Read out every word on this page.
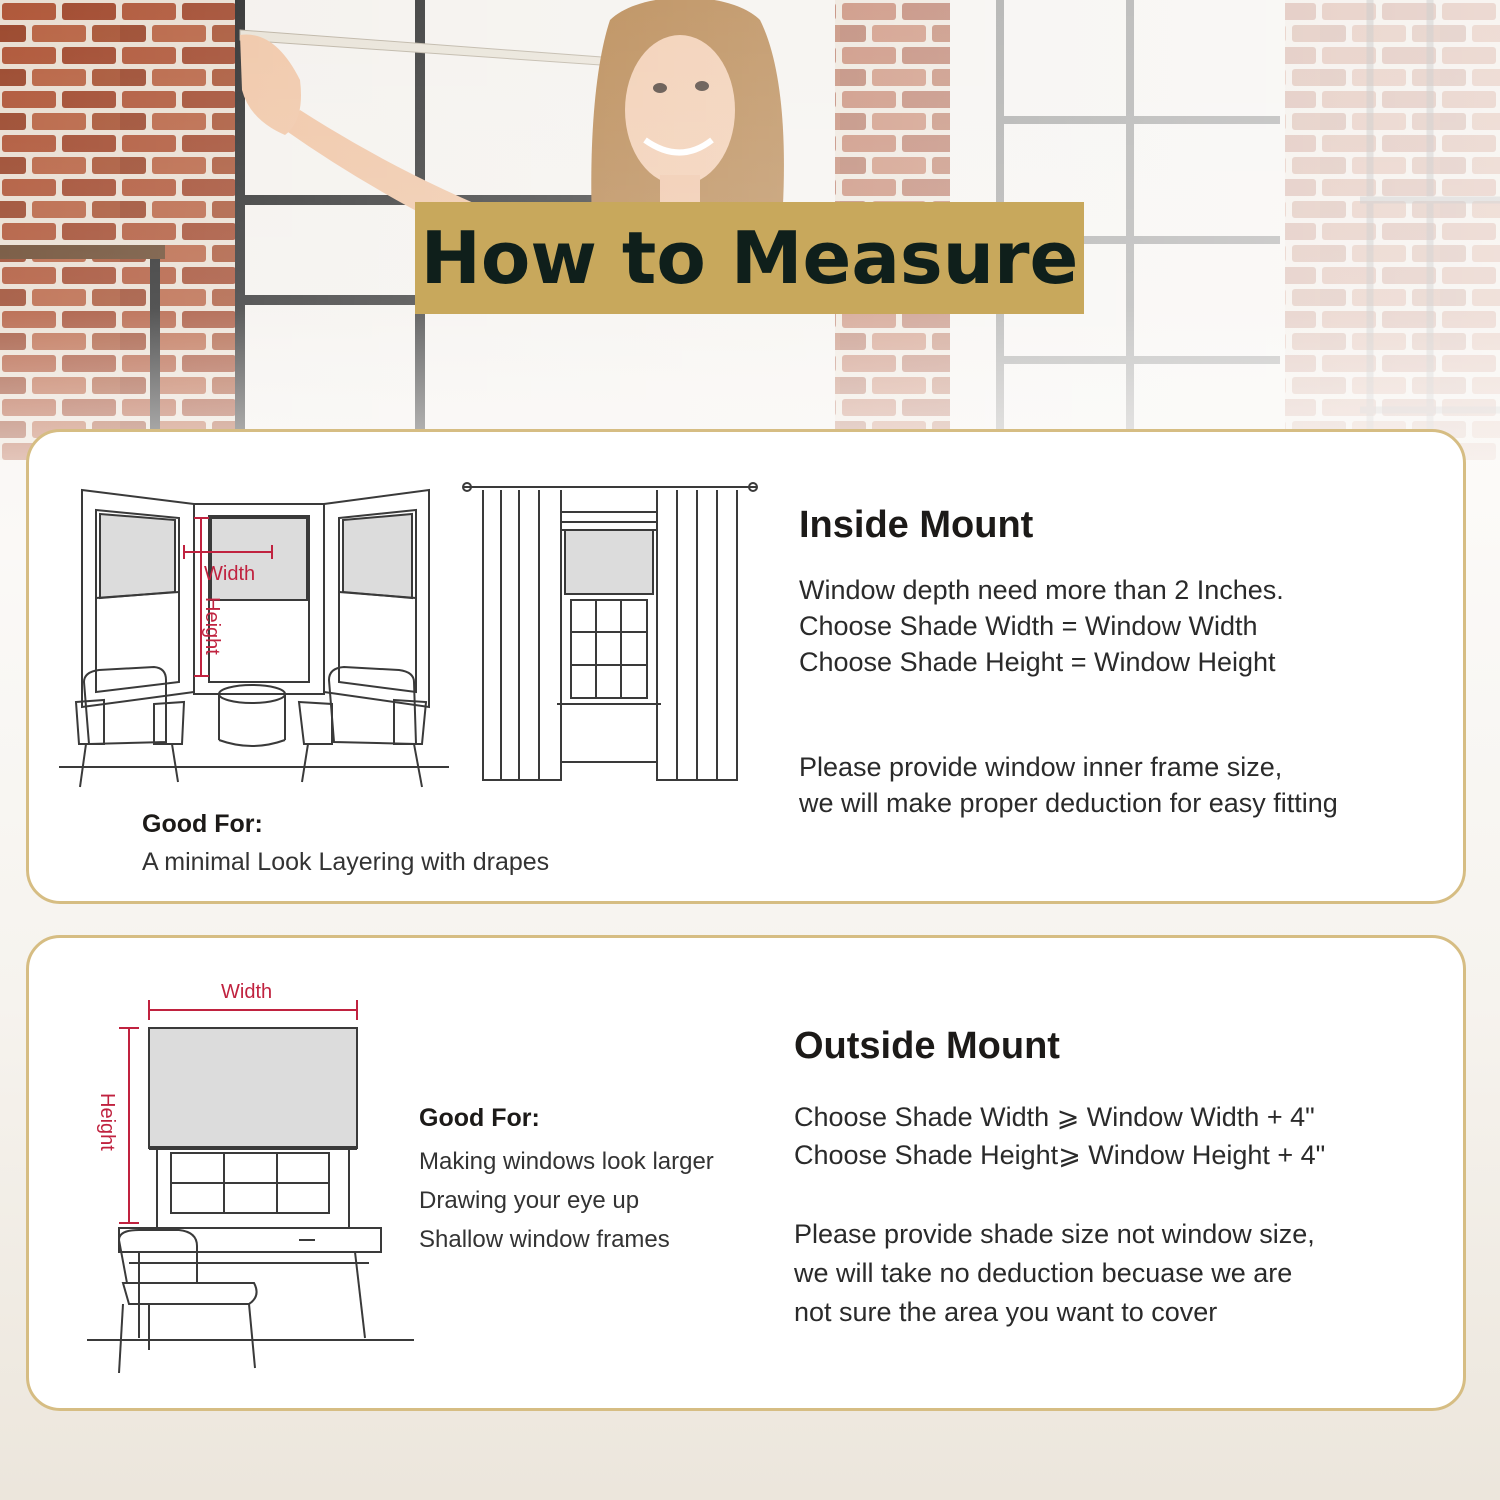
How to Measure
Width
Height
Good For:
A minimal Look Layering with drapes
Inside Mount
Window depth need more than 2 Inches.
Choose Shade Width = Window Width
Choose Shade Height = Window Height
Please provide window inner frame size,
we will make proper deduction for easy fitting
Width
Height	Good For:
Making windows look larger
Drawing your eye up
Shallow window frames
Outside Mount
Choose Shade Width ⩾ Window Width + 4"
Choose Shade Height⩾ Window Height + 4"
Please provide shade size not window size,
we will take no deduction becuase we are
not sure the area you want to cover
